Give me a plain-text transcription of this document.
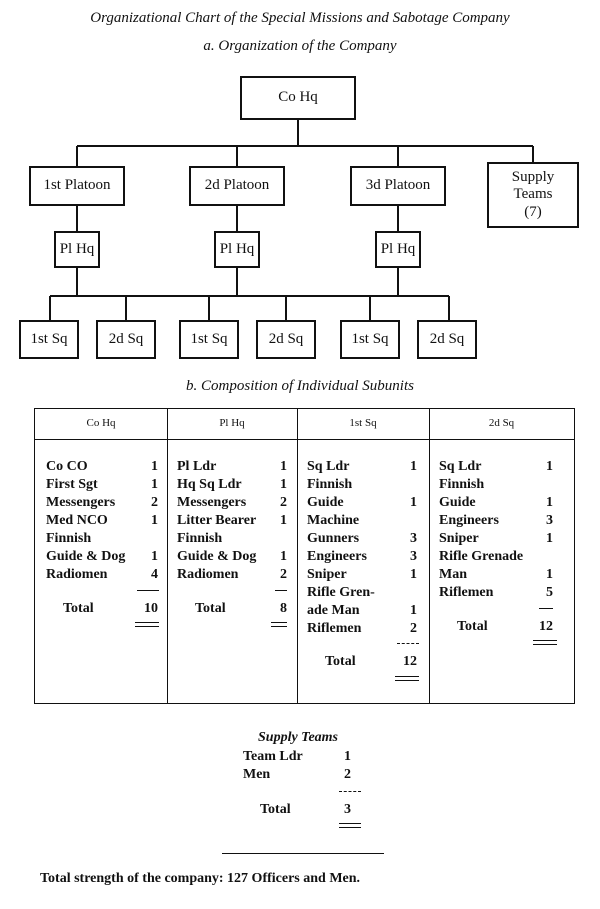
Organizational Chart of the Special Missions and Sabotage Company
a. Organization of the Company
Co Hq
1st Platoon	2d Platoon	3d Platoon
Supply
Teams
(7)
Pl Hq	Pl Hq	Pl Hq
1st Sq	2d Sq	1st Sq	2d Sq	1st Sq	2d Sq
b. Composition of Individual Subunits
Co Hq
Co CO	1
First Sgt	1
Messengers	2
Med NCO	1
Finnish
Guide & Dog	1
Radiomen	4
Total	10
Pl Hq
Pl Ldr	1
Hq Sq Ldr	1
Messengers	2
Litter Bearer	1
Finnish
Guide & Dog	1
Radiomen	2
Total	8
1st Sq
Sq Ldr	1
Finnish
Guide	1
Machine
Gunners	3
Engineers	3
Sniper	1
Rifle Gren-
ade Man	1
Riflemen	2
Total	12
2d Sq
Sq Ldr	1
Finnish
Guide	1
Engineers	3
Sniper	1
Rifle Grenade
Man	1
Riflemen	5
Total	12
Supply Teams
Team Ldr	1
Men	2
Total	3
Total strength of the company: 127 Officers and Men.
